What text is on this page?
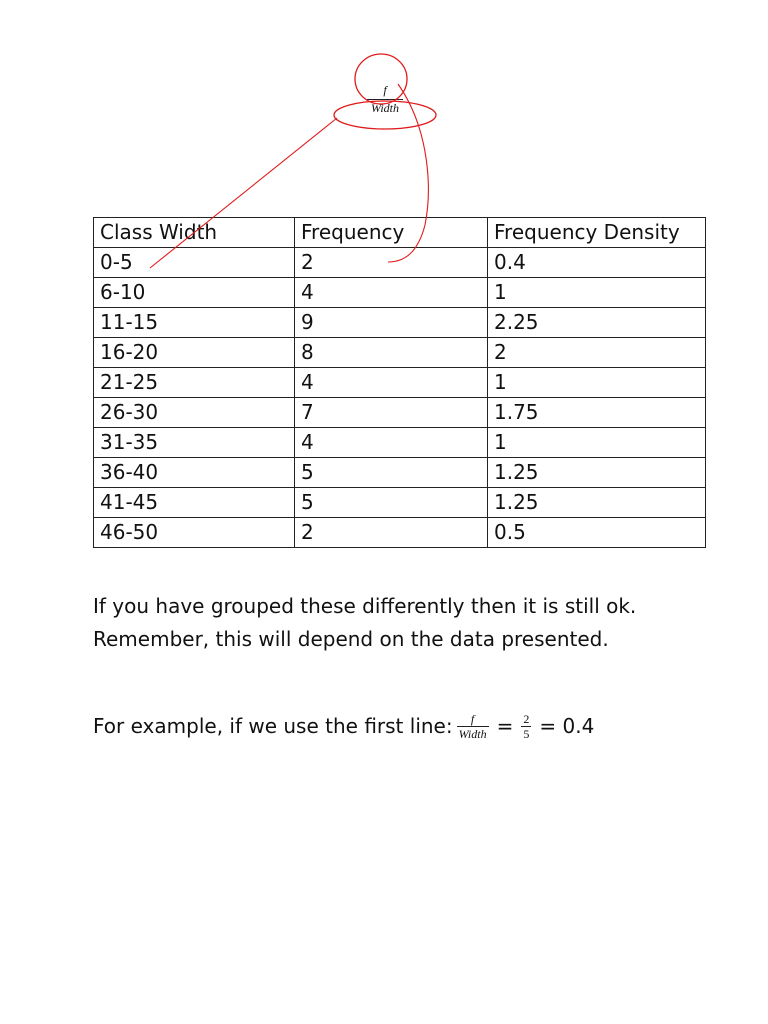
f
Width
Class Width	Frequency	Frequency Density
0-5	2	0.4
6-10	4	1
11-15	9	2.25
16-20	8	2
21-25	4	1
26-30	7	1.75
31-35	4	1
36-40	5	1.25
41-45	5	1.25
46-50	2	0.5

If you have grouped these differently then it is still ok.

Remember, this will depend on the data presented.

For example, if we use the first line: $\frac{f}{\text{Width}} = \frac{2}{5} = 0.4$
